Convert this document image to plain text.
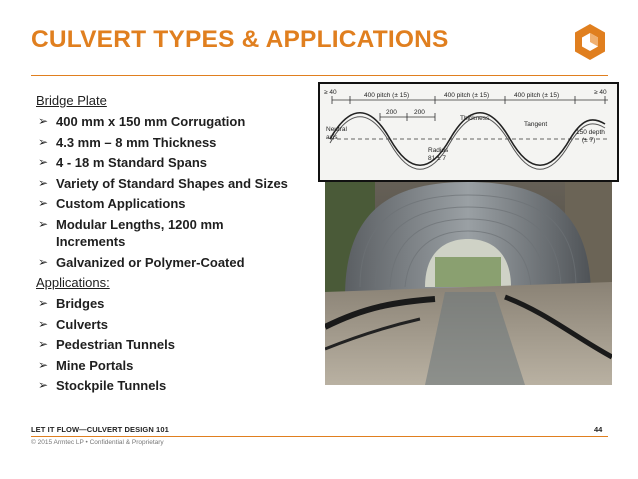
CULVERT TYPES & APPLICATIONS
Bridge Plate
➢ 400 mm x 150 mm Corrugation
➢ 4.3 mm – 8 mm Thickness
➢ 4 - 18 m Standard Spans
➢ Variety of Standard Shapes and Sizes
➢ Custom Applications
➢ Modular Lengths, 1200 mm Increments
➢ Galvanized or Polymer-Coated
Applications:
➢ Bridges
➢ Culverts
➢ Pedestrian Tunnels
➢ Mine Portals
➢ Stockpile Tunnels
≥ 40	400 pitch (± 15)	400 pitch (± 15)	400 pitch (± 15)	≥ 40
200	200
Neutral
axis
Thickness
Tangent
Radius
81 ± 7
150 depth
(± 7)
LET IT FLOW—CULVERT DESIGN 101	44
© 2015 Armtec LP • Confidential & Proprietary
